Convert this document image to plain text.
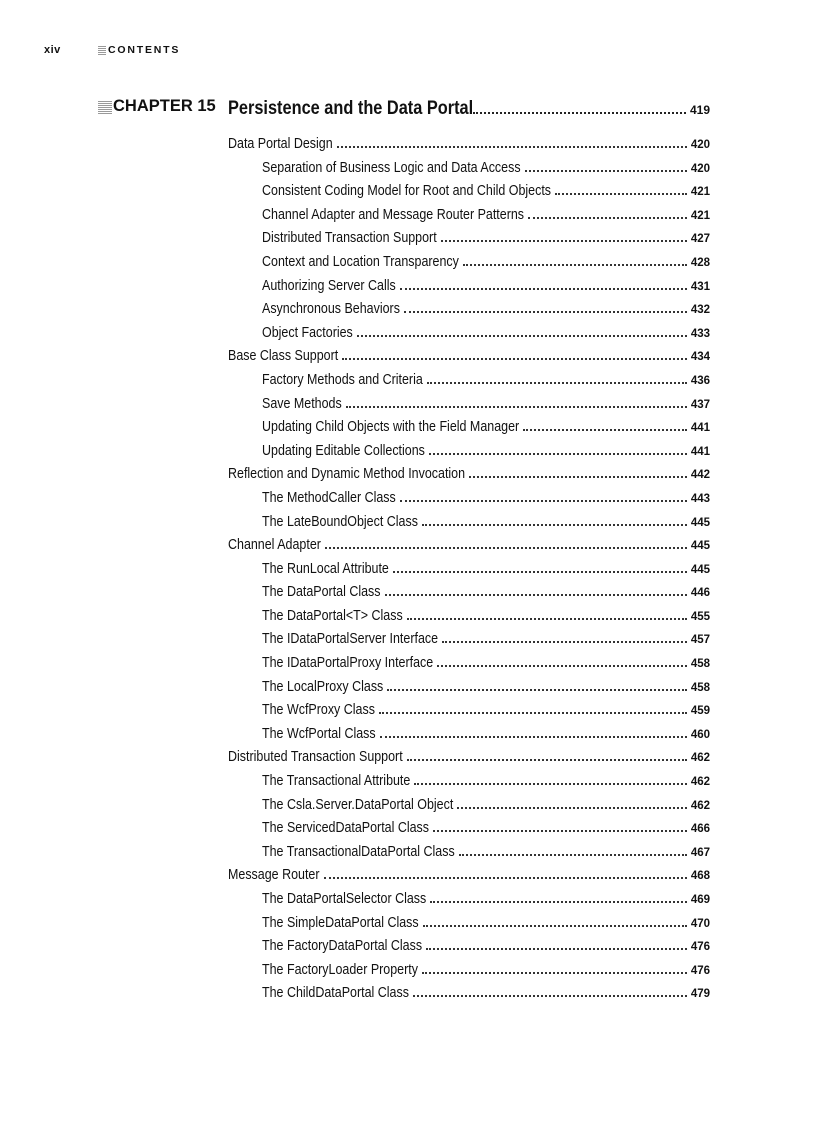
xiv	CONTENTS
CHAPTER 15 Persistence and the Data Portal	419
Data Portal Design	420
Separation of Business Logic and Data Access	420
Consistent Coding Model for Root and Child Objects	421
Channel Adapter and Message Router Patterns	421
Distributed Transaction Support	427
Context and Location Transparency	428
Authorizing Server Calls	431
Asynchronous Behaviors	432
Object Factories	433
Base Class Support	434
Factory Methods and Criteria	436
Save Methods	437
Updating Child Objects with the Field Manager	441
Updating Editable Collections	441
Reflection and Dynamic Method Invocation	442
The MethodCaller Class	443
The LateBoundObject Class	445
Channel Adapter	445
The RunLocal Attribute	445
The DataPortal Class	446
The DataPortal<T> Class	455
The IDataPortalServer Interface	457
The IDataPortalProxy Interface	458
The LocalProxy Class	458
The WcfProxy Class	459
The WcfPortal Class	460
Distributed Transaction Support	462
The Transactional Attribute	462
The Csla.Server.DataPortal Object	462
The ServicedDataPortal Class	466
The TransactionalDataPortal Class	467
Message Router	468
The DataPortalSelector Class	469
The SimpleDataPortal Class	470
The FactoryDataPortal Class	476
The FactoryLoader Property	476
The ChildDataPortal Class	479
